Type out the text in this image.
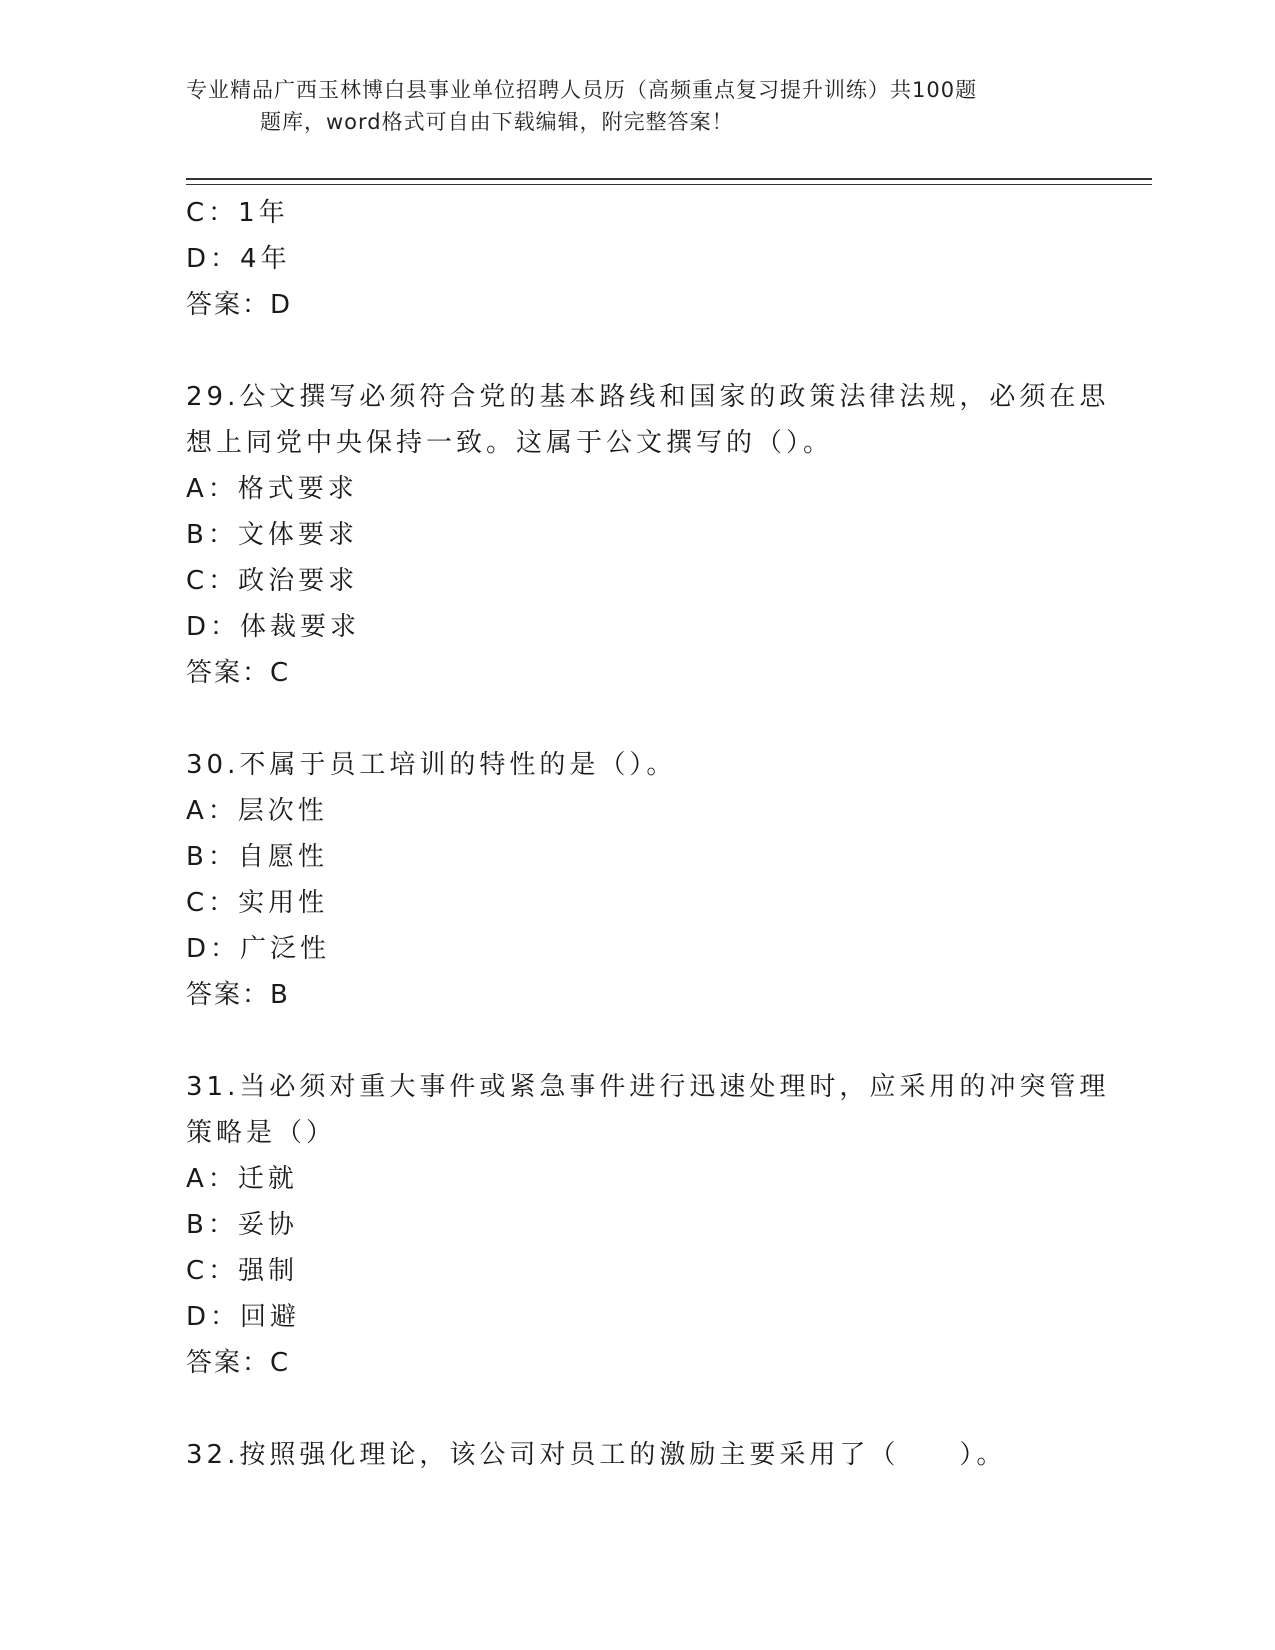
专业精品广西玉林博白县事业单位招聘人员历（高频重点复习提升训练）共100题
题库，word格式可自由下载编辑，附完整答案！
C：1年
D：4年
答案：D
29.公文撰写必须符合党的基本路线和国家的政策法律法规，必须在思
想上同党中央保持一致。这属于公文撰写的（）。
A：格式要求
B：文体要求
C：政治要求
D：体裁要求
答案：C
30.不属于员工培训的特性的是（）。
A：层次性
B：自愿性
C：实用性
D：广泛性
答案：B
31.当必须对重大事件或紧急事件进行迅速处理时，应采用的冲突管理
策略是（）
A：迁就
B：妥协
C：强制
D：回避
答案：C
32.按照强化理论，该公司对员工的激励主要采用了（　　）。
